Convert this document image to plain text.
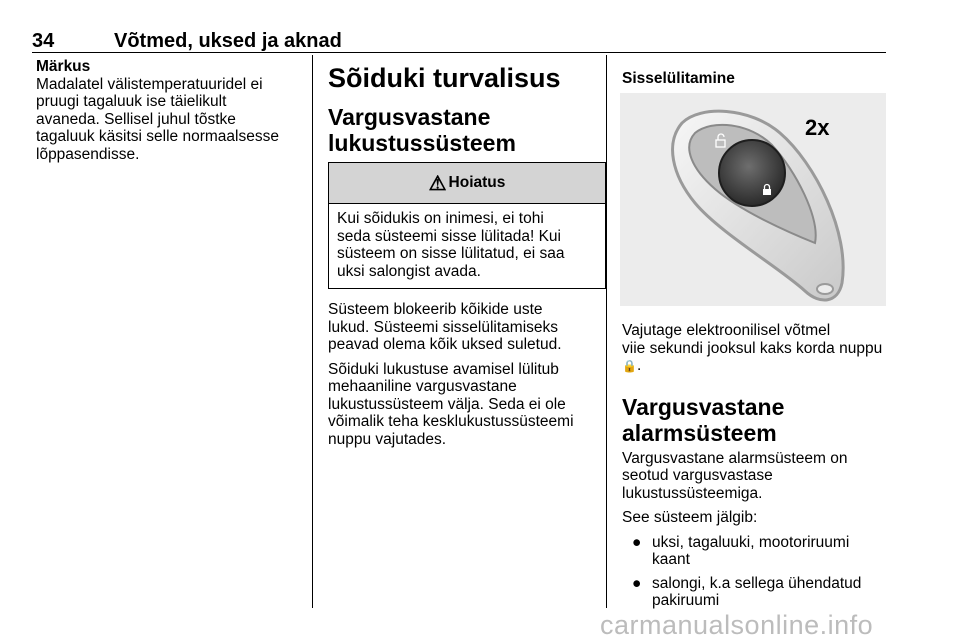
34	Võtmed, uksed ja aknad

Märkus

Madalatel välistemperatuuridel ei

pruugi tagaluuk ise täielikult

avaneda. Sellisel juhul tõstke

tagaluuk käsitsi selle normaalsesse

lõppasendisse.

Sõiduki turvalisus
Vargusvastane
lukustussüsteem
⚠ Hoiatus
Kui sõidukis on inimesi, ei tohi
seda süsteemi sisse lülitada! Kui
süsteem on sisse lülitatud, ei saa
uksi salongist avada.

Süsteem blokeerib kõikide uste

lukud. Süsteemi sisselülitamiseks

peavad olema kõik uksed suletud.

Sõiduki lukustuse avamisel lülitub

mehaaniline vargusvastane

lukustussüsteem välja. Seda ei ole

võimalik teha kesklukustussüsteemi

nuppu vajutades.

Sisselülitamine

2x

Vajutage elektroonilisel võtmel

viie sekundi jooksul kaks korda nuppu

🔒.

Vargusvastane
alarmsüsteem

Vargusvastane alarmsüsteem on

seotud vargusvastase

lukustussüsteemiga.

See süsteem jälgib:

● uksi, tagaluuki, mootoriruumi
kaant
● salongi, k.a sellega ühendatud
pakiruumi
carmanualsonline.info
